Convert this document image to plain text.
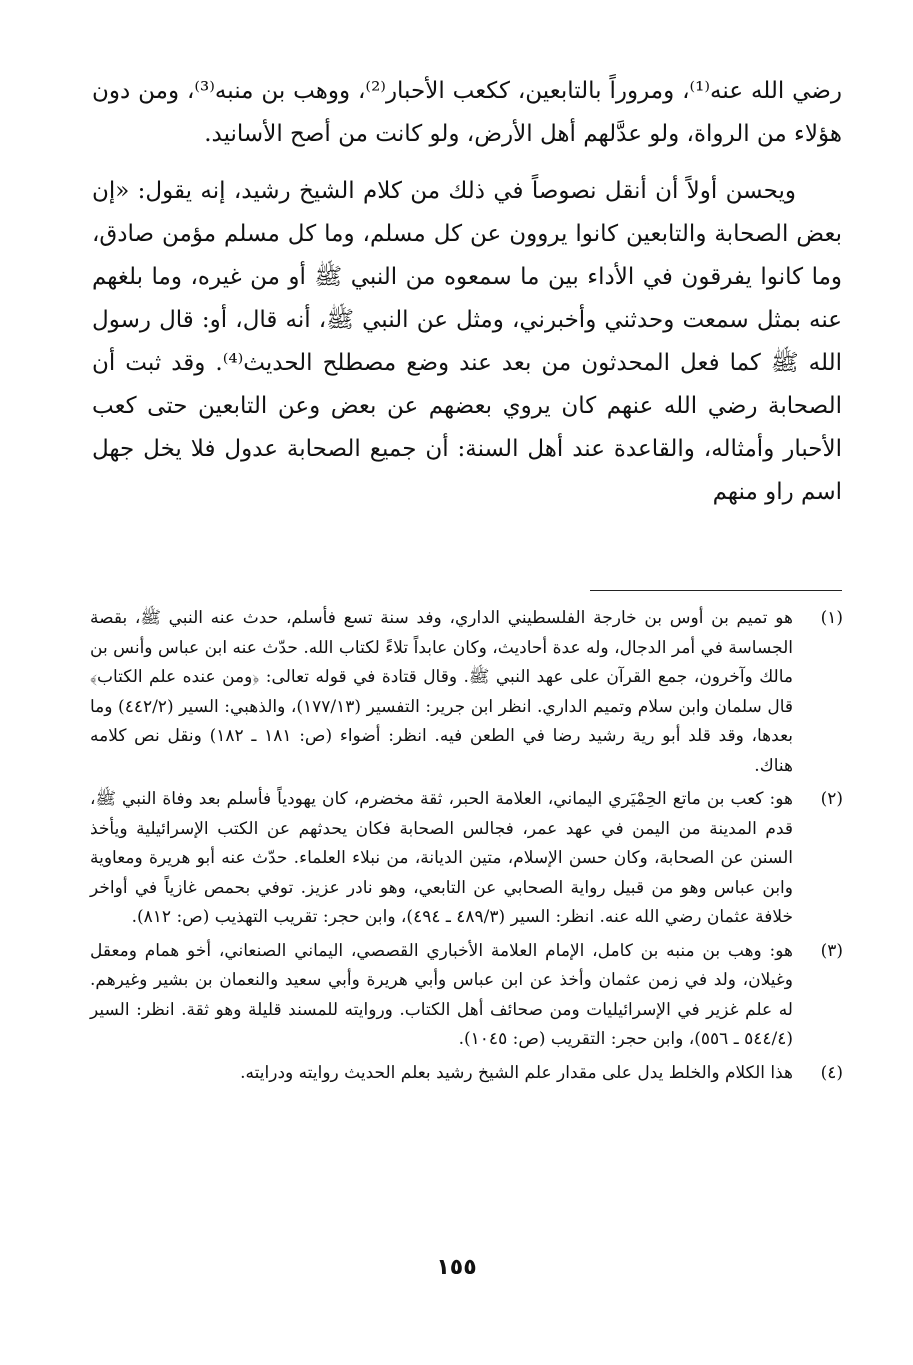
رضي الله عنه⁽¹⁾، ومروراً بالتابعين، ككعب الأحبار⁽²⁾، ووهب بن منبه⁽³⁾، ومن دون هؤلاء من الرواة، ولو عدَّلهم أهل الأرض، ولو كانت من أصح الأسانيد.

ويحسن أولاً أن أنقل نصوصاً في ذلك من كلام الشيخ رشيد، إنه يقول: «إن بعض الصحابة والتابعين كانوا يروون عن كل مسلم، وما كل مسلم مؤمن صادق، وما كانوا يفرقون في الأداء بين ما سمعوه من النبي ﷺ أو من غيره، وما بلغهم عنه بمثل سمعت وحدثني وأخبرني، ومثل عن النبي ﷺ، أنه قال، أو: قال رسول الله ﷺ كما فعل المحدثون من بعد عند وضع مصطلح الحديث⁽⁴⁾. وقد ثبت أن الصحابة رضي الله عنهم كان يروي بعضهم عن بعض وعن التابعين حتى كعب الأحبار وأمثاله، والقاعدة عند أهل السنة: أن جميع الصحابة عدول فلا يخل جهل اسم راو منهم

(١)
هو تميم بن أوس بن خارجة الفلسطيني الداري، وفد سنة تسع فأسلم، حدث عنه النبي ﷺ، بقصة الجساسة في أمر الدجال، وله عدة أحاديث، وكان عابداً تلاءً لكتاب الله. حدّث عنه ابن عباس وأنس بن مالك وآخرون، جمع القرآن على عهد النبي ﷺ. وقال قتادة في قوله تعالى: ﴿ومن عنده علم الكتاب﴾ قال سلمان وابن سلام وتميم الداري. انظر ابن جرير: التفسير (١٧٧/١٣)، والذهبي: السير (٤٤٢/٢) وما بعدها، وقد قلد أبو رية رشيد رضا في الطعن فيه. انظر: أضواء (ص: ١٨١ ـ ١٨٢) ونقل نص كلامه هناك.
(٢)
هو: كعب بن ماتع الحِمْيَري اليماني، العلامة الحبر، ثقة مخضرم، كان يهودياً فأسلم بعد وفاة النبي ﷺ، قدم المدينة من اليمن في عهد عمر، فجالس الصحابة فكان يحدثهم عن الكتب الإسرائيلية ويأخذ السنن عن الصحابة، وكان حسن الإسلام، متين الديانة، من نبلاء العلماء. حدّث عنه أبو هريرة ومعاوية وابن عباس وهو من قبيل رواية الصحابي عن التابعي، وهو نادر عزيز. توفي بحمص غازياً في أواخر خلافة عثمان رضي الله عنه. انظر: السير (٤٨٩/٣ ـ ٤٩٤)، وابن حجر: تقريب التهذيب (ص: ٨١٢).
(٣)
هو: وهب بن منبه بن كامل، الإمام العلامة الأخباري القصصي، اليماني الصنعاني، أخو همام ومعقل وغيلان، ولد في زمن عثمان وأخذ عن ابن عباس وأبي هريرة وأبي سعيد والنعمان بن بشير وغيرهم. له علم غزير في الإسرائيليات ومن صحائف أهل الكتاب. وروايته للمسند قليلة وهو ثقة. انظر: السير (٥٤٤/٤ ـ ٥٥٦)، وابن حجر: التقريب (ص: ١٠٤٥).
(٤)
هذا الكلام والخلط يدل على مقدار علم الشيخ رشيد بعلم الحديث روايته ودرايته.
١٥٥
